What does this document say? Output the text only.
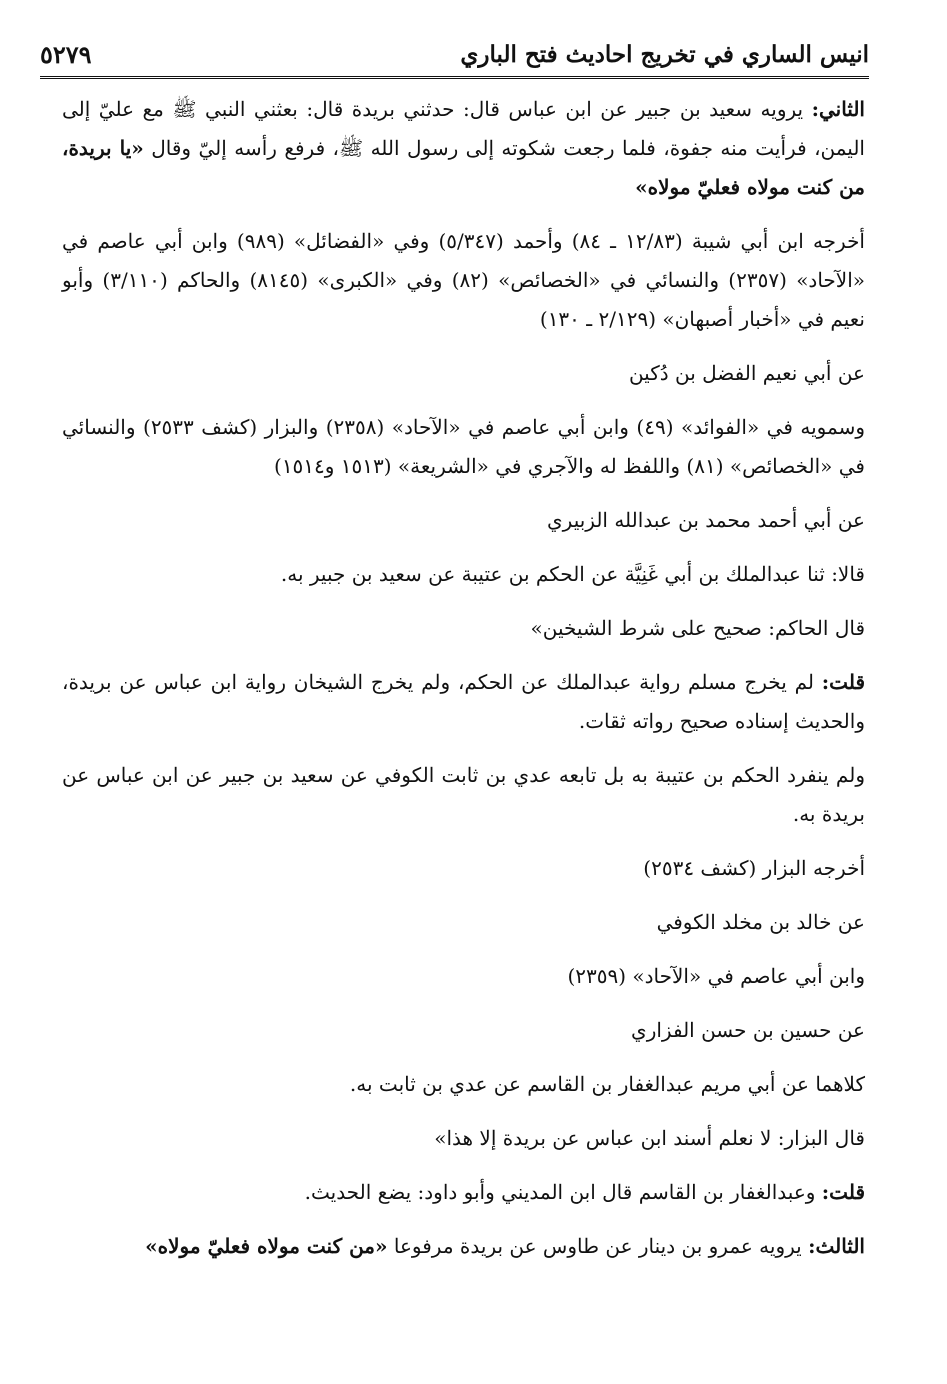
انيس الساري في تخريج احاديث فتح الباري
٥٢٧٩

الثاني: يرويه سعيد بن جبير عن ابن عباس قال: حدثني بريدة قال: بعثني النبي ﷺ مع عليّ إلى اليمن، فرأيت منه جفوة، فلما رجعت شكوته إلى رسول الله ﷺ، فرفع رأسه إليّ وقال «يا بريدة، من كنت مولاه فعليّ مولاه»

أخرجه ابن أبي شيبة (١٢/٨٣ ـ ٨٤) وأحمد (٥/٣٤٧) وفي «الفضائل» (٩٨٩) وابن أبي عاصم في «الآحاد» (٢٣٥٧) والنسائي في «الخصائص» (٨٢) وفي «الكبرى» (٨١٤٥) والحاكم (٣/١١٠) وأبو نعيم في «أخبار أصبهان» (٢/١٢٩ ـ ١٣٠)

عن أبي نعيم الفضل بن دُكين

وسمويه في «الفوائد» (٤٩) وابن أبي عاصم في «الآحاد» (٢٣٥٨) والبزار (كشف ٢٥٣٣) والنسائي في «الخصائص» (٨١) واللفظ له والآجري في «الشريعة» (١٥١٣ و١٥١٤)

عن أبي أحمد محمد بن عبدالله الزبيري

قالا: ثنا عبدالملك بن أبي غَنِيَّة عن الحكم بن عتيبة عن سعيد بن جبير به.

قال الحاكم: صحيح على شرط الشيخين»

قلت: لم يخرج مسلم رواية عبدالملك عن الحكم، ولم يخرج الشيخان رواية ابن عباس عن بريدة، والحديث إسناده صحيح رواته ثقات.

ولم ينفرد الحكم بن عتيبة به بل تابعه عدي بن ثابت الكوفي عن سعيد بن جبير عن ابن عباس عن بريدة به.

أخرجه البزار (كشف ٢٥٣٤)

عن خالد بن مخلد الكوفي

وابن أبي عاصم في «الآحاد» (٢٣٥٩)

عن حسين بن حسن الفزاري

كلاهما عن أبي مريم عبدالغفار بن القاسم عن عدي بن ثابت به.

قال البزار: لا نعلم أسند ابن عباس عن بريدة إلا هذا»

قلت: وعبدالغفار بن القاسم قال ابن المديني وأبو داود: يضع الحديث.

الثالث: يرويه عمرو بن دينار عن طاوس عن بريدة مرفوعا «من كنت مولاه فعليّ مولاه»
